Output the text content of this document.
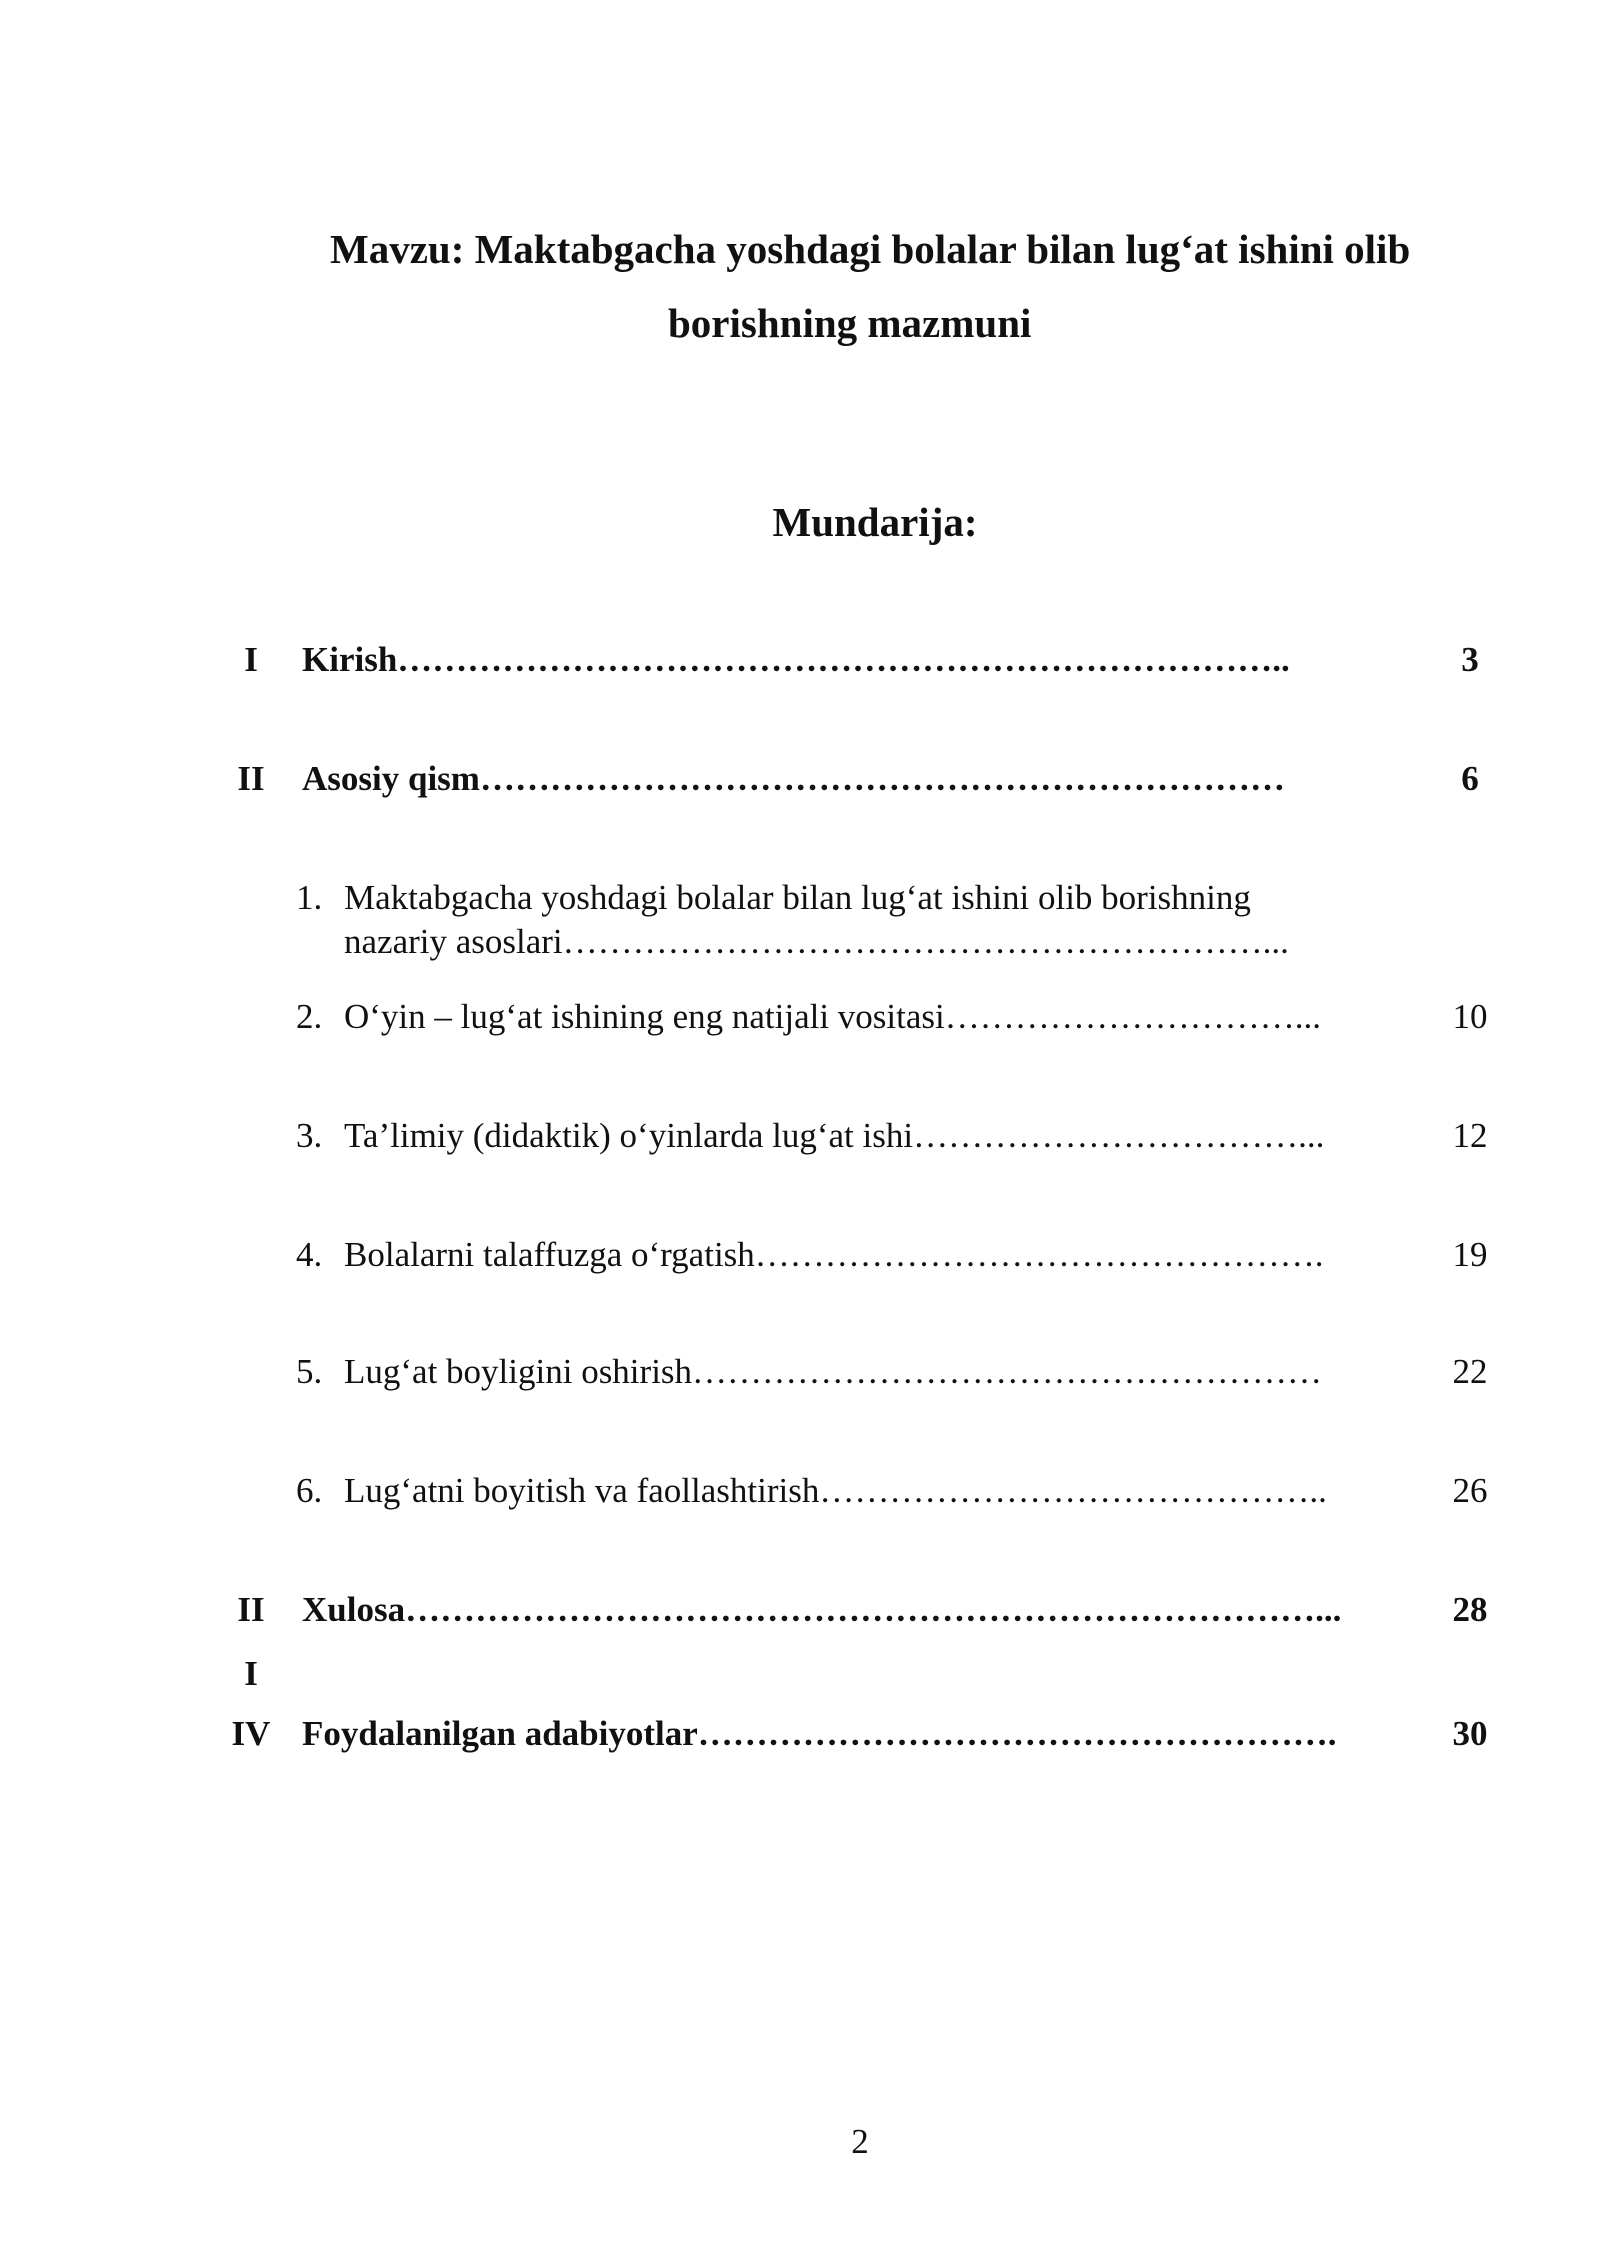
Mavzu: Maktabgacha yoshdagi bolalar bilan lug‘at ishini olib
borishning mazmuni
Mundarija:
I	Kirish…………………………………………………………………..	3
II	Asosiy qism……………………………………………………………	6
1. Maktabgacha yoshdagi bolalar bilan lug‘at ishini olib borishning
nazariy asoslari……………………………………………………...
2. O‘yin – lug‘at ishining eng natijali vositasi…………………………...	10
3. Ta’limiy (didaktik) o‘yinlarda lug‘at ishi……………………………...	12
4. Bolalarni talaffuzga o‘rgatish………………………………………….	19
5. Lug‘at boyligini oshirish………………………………………………	22
6. Lug‘atni boyitish va faollashtirish……………………………………..	26
II	Xulosa……………………………………………………………………...	28
I
IV Foydalanilgan adabiyotlar……………………………………………….	30
2
